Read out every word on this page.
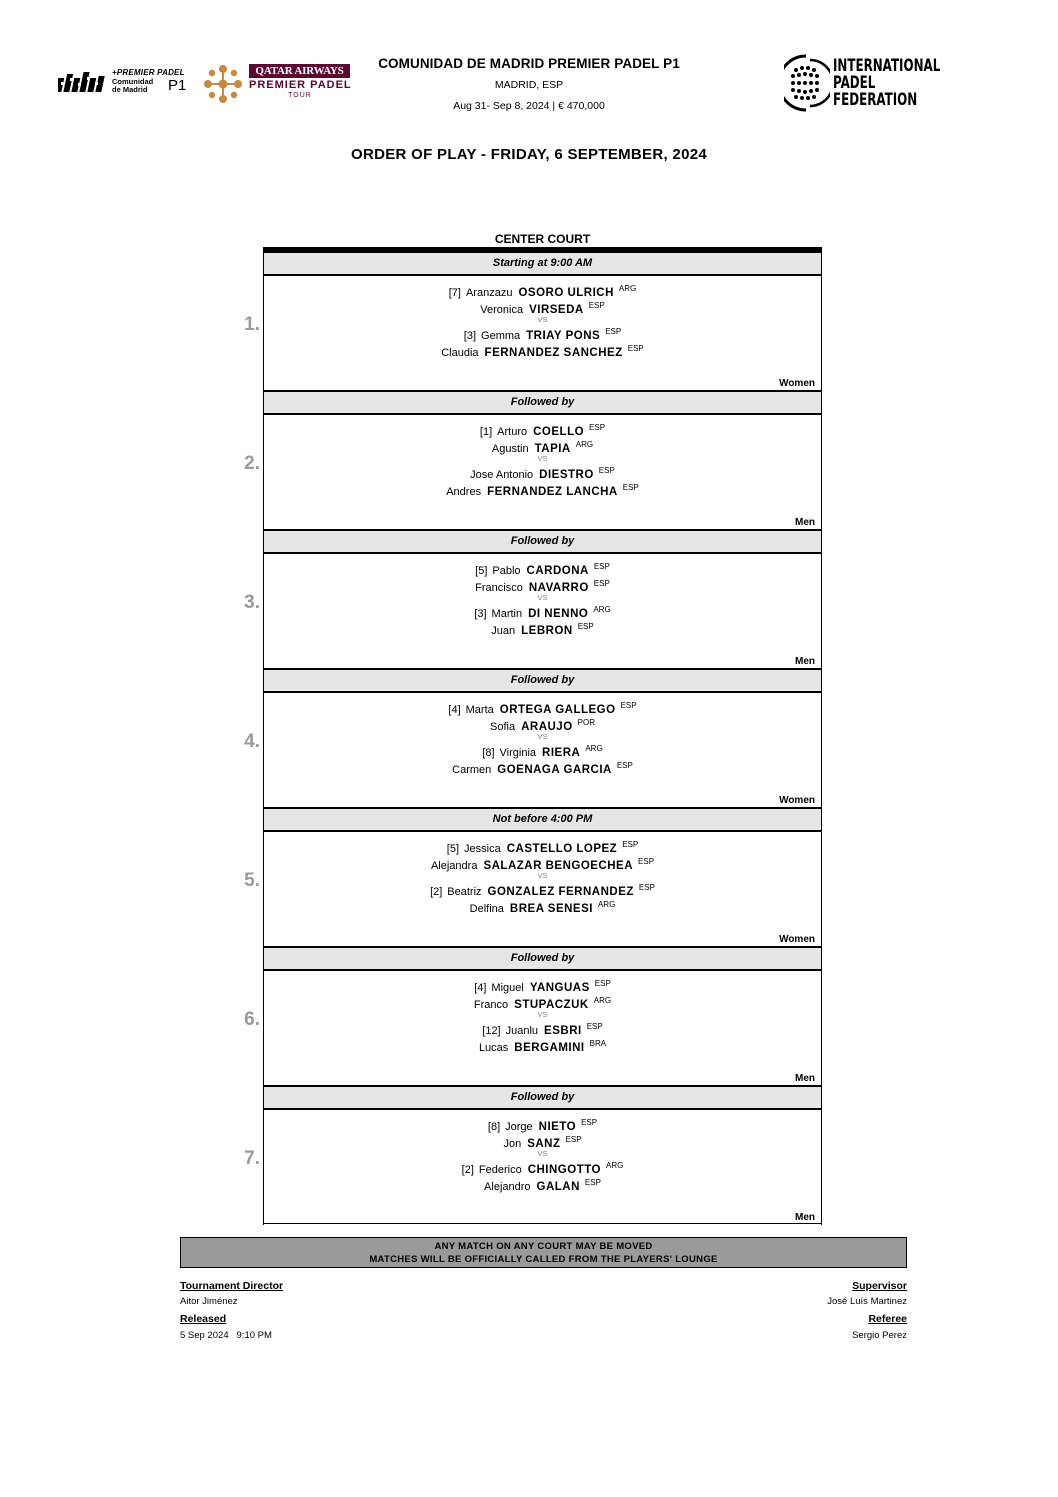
+PREMIER PADEL
Comunidad
de Madrid	P1
QATAR AIRWAYS
PREMIER PADEL
TOUR
COMUNIDAD DE MADRID PREMIER PADEL P1
MADRID, ESP
Aug 31- Sep 8, 2024 | € 470,000
INTERNATIONAL
PADEL
FEDERATION
ORDER OF PLAY - FRIDAY, 6 SEPTEMBER, 2024
CENTER COURT
Starting at 9:00 AM
1.
[7] Aranzazu OSORO ULRICH $^{ARG}$
Veronica VIRSEDA $^{ESP}$
VS
[3] Gemma TRIAY PONS $^{ESP}$
Claudia FERNANDEZ SANCHEZ $^{ESP}$
Women
Followed by
2.
[1] Arturo COELLO $^{ESP}$
Agustin TAPIA $^{ARG}$
VS
Jose Antonio DIESTRO $^{ESP}$
Andres FERNANDEZ LANCHA $^{ESP}$
Men
Followed by
3.
[5] Pablo CARDONA $^{ESP}$
Francisco NAVARRO $^{ESP}$
VS
[3] Martin DI NENNO $^{ARG}$
Juan LEBRON $^{ESP}$
Men
Followed by
4.
[4] Marta ORTEGA GALLEGO $^{ESP}$
Sofia ARAUJO $^{POR}$
VS
[8] Virginia RIERA $^{ARG}$
Carmen GOENAGA GARCIA $^{ESP}$
Women
Not before 4:00 PM
5.
[5] Jessica CASTELLO LOPEZ $^{ESP}$
Alejandra SALAZAR BENGOECHEA $^{ESP}$
VS
[2] Beatriz GONZALEZ FERNANDEZ $^{ESP}$
Delfina BREA SENESI $^{ARG}$
Women
Followed by
6.
[4] Miguel YANGUAS $^{ESP}$
Franco STUPACZUK $^{ARG}$
VS
[12] Juanlu ESBRI $^{ESP}$
Lucas BERGAMINI $^{BRA}$
Men
Followed by
7.
[8] Jorge NIETO $^{ESP}$
Jon SANZ $^{ESP}$
VS
[2] Federico CHINGOTTO $^{ARG}$
Alejandro GALAN $^{ESP}$
Men
ANY MATCH ON ANY COURT MAY BE MOVED
MATCHES WILL BE OFFICIALLY CALLED FROM THE PLAYERS' LOUNGE
Tournament Director
Aitor Jiménez
Released
5 Sep 2024   9:10 PM
Supervisor
José Luís Martinez
Referee
Sergio Perez
